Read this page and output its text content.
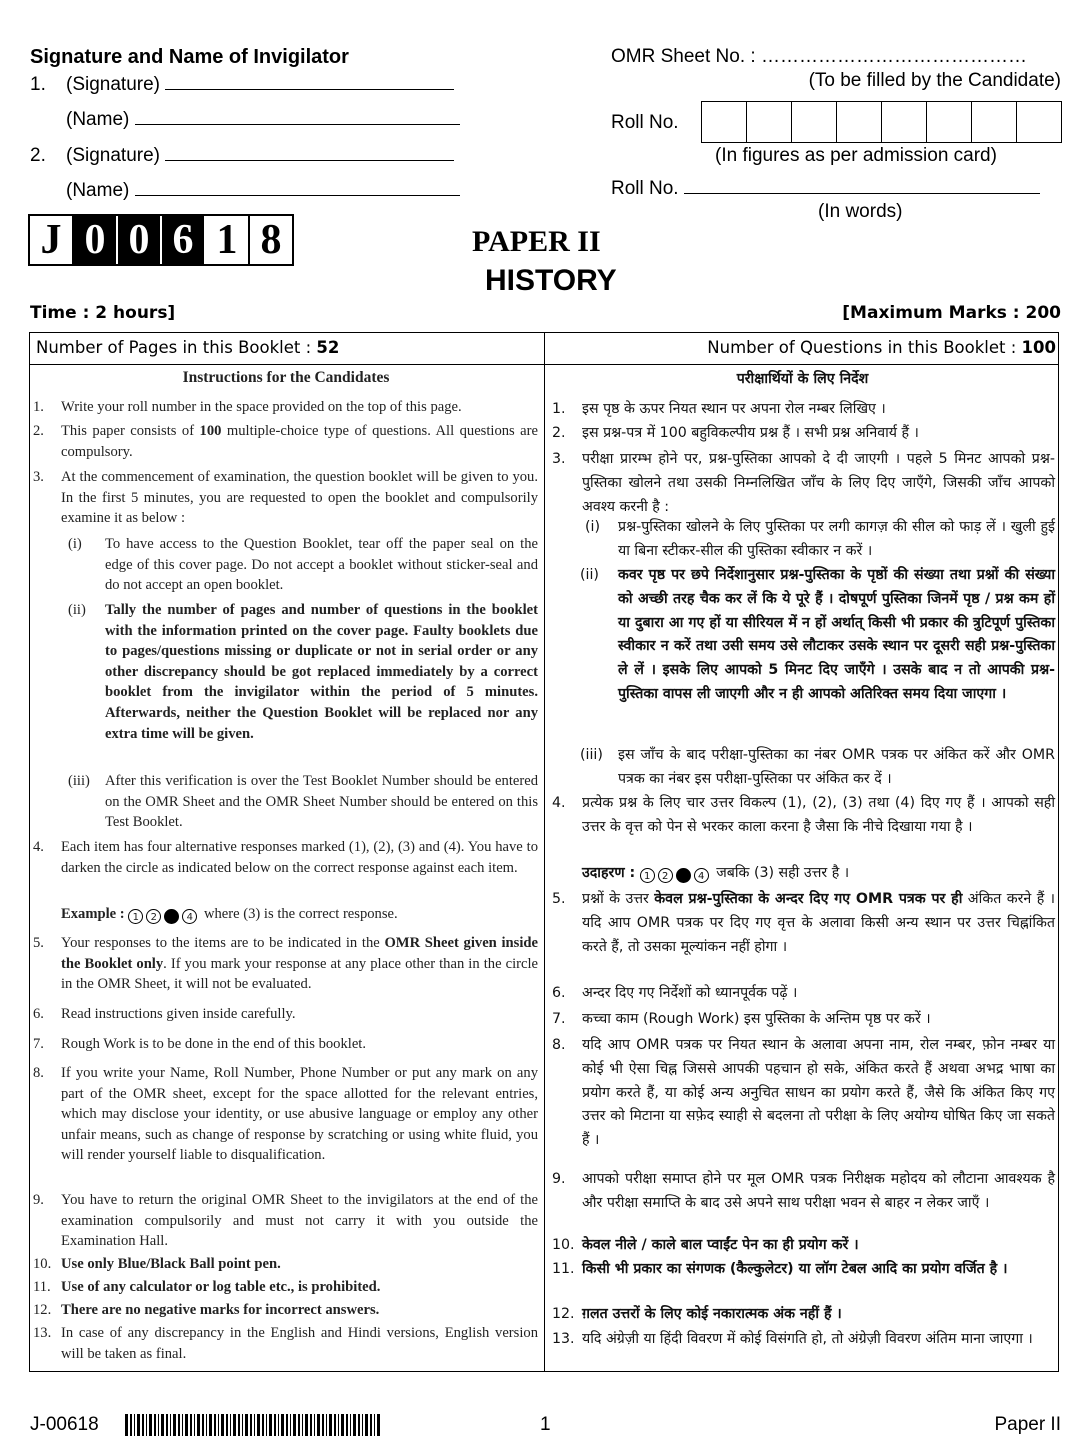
Signature and Name of Invigilator
1. (Signature)
(Name)
2. (Signature)
(Name)
OMR Sheet No. : ……………………………………
(To be filled by the Candidate)
Roll No.
(In figures as per admission card)
Roll No.
(In words)
J 0 0 6 1 8	PAPER II
HISTORY
Time : 2 hours]	[Maximum Marks : 200
Number of Pages in this Booklet : 52	Number of Questions in this Booklet : 100
Instructions for the Candidates
1. Write your roll number in the space provided on the top of this page.
2. This paper consists of 100 multiple-choice type of questions. All questions are compulsory.
3. At the commencement of examination, the question booklet will be given to you. In the first 5 minutes, you are requested to open the booklet and compulsorily examine it as below :
(i) To have access to the Question Booklet, tear off the paper seal on the edge of this cover page. Do not accept a booklet without sticker-seal and do not accept an open booklet.
(ii) Tally the number of pages and number of questions in the booklet with the information printed on the cover page. Faulty booklets due to pages/questions missing or duplicate or not in serial order or any other discrepancy should be got replaced immediately by a correct booklet from the invigilator within the period of 5 minutes. Afterwards, neither the Question Booklet will be replaced nor any extra time will be given.
(iii) After this verification is over the Test Booklet Number should be entered on the OMR Sheet and the OMR Sheet Number should be entered on this Test Booklet.
4. Each item has four alternative responses marked (1), (2), (3) and (4). You have to darken the circle as indicated below on the correct response against each item.
Example : 1 2 3 4 where (3) is the correct response.
5. Your responses to the items are to be indicated in the OMR Sheet given inside the Booklet only. If you mark your response at any place other than in the circle in the OMR Sheet, it will not be evaluated.
6. Read instructions given inside carefully.
7. Rough Work is to be done in the end of this booklet.
8. If you write your Name, Roll Number, Phone Number or put any mark on any part of the OMR sheet, except for the space allotted for the relevant entries, which may disclose your identity, or use abusive language or employ any other unfair means, such as change of response by scratching or using white fluid, you will render yourself liable to disqualification.
9. You have to return the original OMR Sheet to the invigilators at the end of the examination compulsorily and must not carry it with you outside the Examination Hall.
10. Use only Blue/Black Ball point pen.
11. Use of any calculator or log table etc., is prohibited.
12. There are no negative marks for incorrect answers.
13. In case of any discrepancy in the English and Hindi versions, English version will be taken as final.
परीक्षार्थियों के लिए निर्देश
1. इस पृष्ठ के ऊपर नियत स्थान पर अपना रोल नम्बर लिखिए ।
2. इस प्रश्न-पत्र में 100 बहुविकल्पीय प्रश्न हैं । सभी प्रश्न अनिवार्य हैं ।
3. परीक्षा प्रारम्भ होने पर, प्रश्न-पुस्तिका आपको दे दी जाएगी । पहले 5 मिनट आपको प्रश्न-पुस्तिका खोलने तथा उसकी निम्नलिखित जाँच के लिए दिए जाएँगे, जिसकी जाँच आपको अवश्य करनी है :
(i) प्रश्न-पुस्तिका खोलने के लिए पुस्तिका पर लगी कागज़ की सील को फाड़ लें । खुली हुई या बिना स्टीकर-सील की पुस्तिका स्वीकार न करें ।
(ii) कवर पृष्ठ पर छपे निर्देशानुसार प्रश्न-पुस्तिका के पृष्ठों की संख्या तथा प्रश्नों की संख्या को अच्छी तरह चैक कर लें कि ये पूरे हैं । दोषपूर्ण पुस्तिका जिनमें पृष्ठ / प्रश्न कम हों या दुबारा आ गए हों या सीरियल में न हों अर्थात् किसी भी प्रकार की त्रुटिपूर्ण पुस्तिका स्वीकार न करें तथा उसी समय उसे लौटाकर उसके स्थान पर दूसरी सही प्रश्न-पुस्तिका ले लें । इसके लिए आपको 5 मिनट दिए जाएँगे । उसके बाद न तो आपकी प्रश्न-पुस्तिका वापस ली जाएगी और न ही आपको अतिरिक्त समय दिया जाएगा ।
(iii) इस जाँच के बाद परीक्षा-पुस्तिका का नंबर OMR पत्रक पर अंकित करें और OMR पत्रक का नंबर इस परीक्षा-पुस्तिका पर अंकित कर दें ।
4. प्रत्येक प्रश्न के लिए चार उत्तर विकल्प (1), (2), (3) तथा (4) दिए गए हैं । आपको सही उत्तर के वृत्त को पेन से भरकर काला करना है जैसा कि नीचे दिखाया गया है ।
उदाहरण : 1 2 3 4 जबकि (3) सही उत्तर है ।
5. प्रश्नों के उत्तर केवल प्रश्न-पुस्तिका के अन्दर दिए गए OMR पत्रक पर ही अंकित करने हैं । यदि आप OMR पत्रक पर दिए गए वृत्त के अलावा किसी अन्य स्थान पर उत्तर चिह्नांकित करते हैं, तो उसका मूल्यांकन नहीं होगा ।
6. अन्दर दिए गए निर्देशों को ध्यानपूर्वक पढ़ें ।
7. कच्चा काम (Rough Work) इस पुस्तिका के अन्तिम पृष्ठ पर करें ।
8. यदि आप OMR पत्रक पर नियत स्थान के अलावा अपना नाम, रोल नम्बर, फ़ोन नम्बर या कोई भी ऐसा चिह्न जिससे आपकी पहचान हो सके, अंकित करते हैं अथवा अभद्र भाषा का प्रयोग करते हैं, या कोई अन्य अनुचित साधन का प्रयोग करते हैं, जैसे कि अंकित किए गए उत्तर को मिटाना या सफ़ेद स्याही से बदलना तो परीक्षा के लिए अयोग्य घोषित किए जा सकते हैं ।
9. आपको परीक्षा समाप्त होने पर मूल OMR पत्रक निरीक्षक महोदय को लौटाना आवश्यक है और परीक्षा समाप्ति के बाद उसे अपने साथ परीक्षा भवन से बाहर न लेकर जाएँ ।
10. केवल नीले / काले बाल प्वाईंट पेन का ही प्रयोग करें ।
11. किसी भी प्रकार का संगणक (कैल्कुलेटर) या लॉग टेबल आदि का प्रयोग वर्जित है ।
12. ग़लत उत्तरों के लिए कोई नकारात्मक अंक नहीं हैं ।
13. यदि अंग्रेज़ी या हिंदी विवरण में कोई विसंगति हो, तो अंग्रेज़ी विवरण अंतिम माना जाएगा ।
J-00618	1	Paper II
